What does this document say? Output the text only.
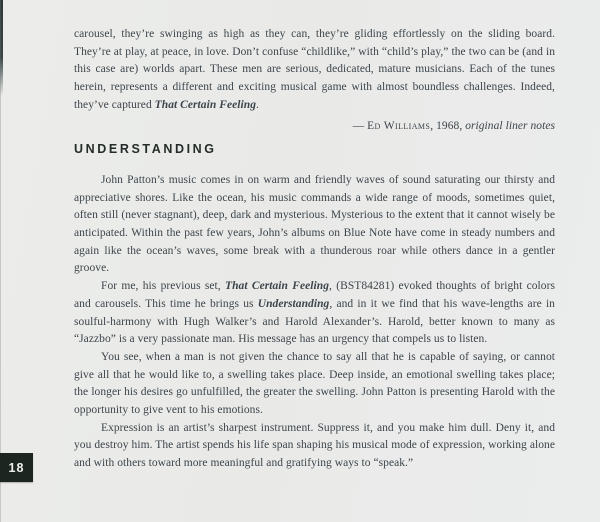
carousel, they’re swinging as high as they can, they’re gliding effortlessly on the sliding board. They’re at play, at peace, in love. Don’t confuse “childlike,” with “child’s play,” the two can be (and in this case are) worlds apart. These men are serious, dedicated, mature musicians. Each of the tunes herein, represents a different and exciting musical game with almost boundless challenges. Indeed, they’ve captured That Certain Feeling.

— Ed Williams, 1968, original liner notes

UNDERSTANDING

John Patton’s music comes in on warm and friendly waves of sound saturating our thirsty and appreciative shores. Like the ocean, his music commands a wide range of moods, sometimes quiet, often still (never stagnant), deep, dark and mysterious. Mysterious to the extent that it cannot wisely be anticipated. Within the past few years, John’s albums on Blue Note have come in steady numbers and again like the ocean’s waves, some break with a thunderous roar while others dance in a gentler groove.

For me, his previous set, That Certain Feeling, (BST84281) evoked thoughts of bright colors and carousels. This time he brings us Understanding, and in it we find that his wave-lengths are in soulful-harmony with Hugh Walker’s and Harold Alexander’s. Harold, better known to many as “Jazzbo” is a very passionate man. His message has an urgency that compels us to listen.

You see, when a man is not given the chance to say all that he is capable of saying, or cannot give all that he would like to, a swelling takes place. Deep inside, an emotional swelling takes place; the longer his desires go unfulfilled, the greater the swelling. John Patton is presenting Harold with the opportunity to give vent to his emotions.

Expression is an artist’s sharpest instrument. Suppress it, and you make him dull. Deny it, and you destroy him. The artist spends his life span shaping his musical mode of expression, working alone and with others toward more meaningful and gratifying ways to “speak.”

18
